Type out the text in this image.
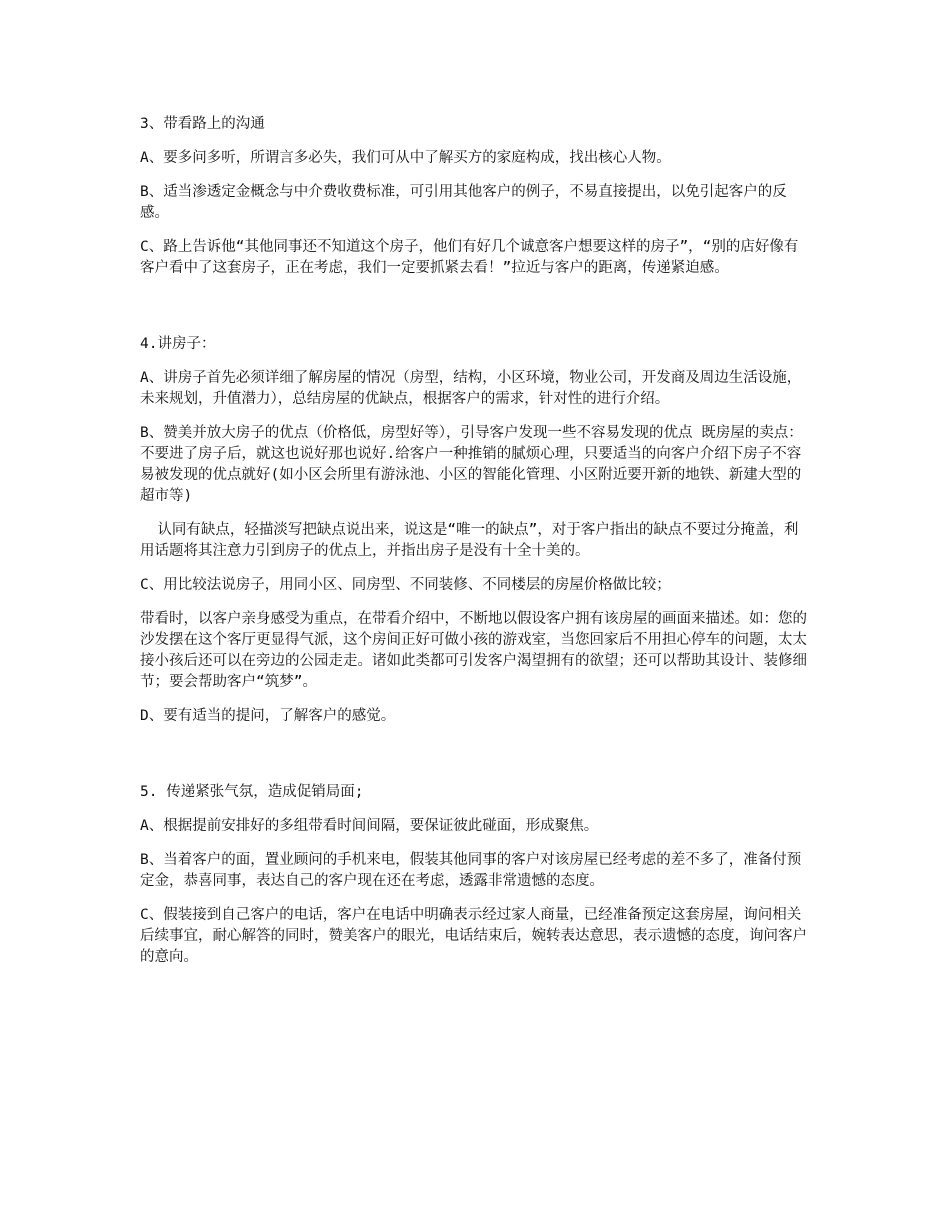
3、带看路上的沟通

A、要多问多听，所谓言多必失，我们可从中了解买方的家庭构成，找出核心人物。

B、适当渗透定金概念与中介费收费标准，可引用其他客户的例子，不易直接提出，以免引起客户的反感。

C、路上告诉他“其他同事还不知道这个房子，他们有好几个诚意客户想要这样的房子”，“别的店好像有客户看中了这套房子，正在考虑，我们一定要抓紧去看！”拉近与客户的距离，传递紧迫感。

4.讲房子：

A、讲房子首先必须详细了解房屋的情况（房型，结构，小区环境，物业公司，开发商及周边生活设施，未来规划，升值潜力），总结房屋的优缺点，根据客户的需求，针对性的进行介绍。

B、赞美并放大房子的优点（价格低，房型好等），引导客户发现一些不容易发现的优点 既房屋的卖点：不要进了房子后，就这也说好那也说好.给客户一种推销的腻烦心理，只要适当的向客户介绍下房子不容易被发现的优点就好(如小区会所里有游泳池、小区的智能化管理、小区附近要开新的地铁、新建大型的超市等)

认同有缺点，轻描淡写把缺点说出来，说这是“唯一的缺点”，对于客户指出的缺点不要过分掩盖，利用话题将其注意力引到房子的优点上，并指出房子是没有十全十美的。

C、用比较法说房子，用同小区、同房型、不同装修、不同楼层的房屋价格做比较；

带看时，以客户亲身感受为重点，在带看介绍中，不断地以假设客户拥有该房屋的画面来描述。如：您的沙发摆在这个客厅更显得气派，这个房间正好可做小孩的游戏室，当您回家后不用担心停车的问题，太太接小孩后还可以在旁边的公园走走。诸如此类都可引发客户渴望拥有的欲望；还可以帮助其设计、装修细节；要会帮助客户“筑梦”。

D、要有适当的提问，了解客户的感觉。

5. 传递紧张气氛，造成促销局面;

A、根据提前安排好的多组带看时间间隔，要保证彼此碰面，形成聚焦。

B、当着客户的面，置业顾问的手机来电，假装其他同事的客户对该房屋已经考虑的差不多了，准备付预定金，恭喜同事，表达自己的客户现在还在考虑，透露非常遗憾的态度。

C、假装接到自己客户的电话，客户在电话中明确表示经过家人商量，已经准备预定这套房屋，询问相关后续事宜，耐心解答的同时，赞美客户的眼光，电话结束后，婉转表达意思，表示遗憾的态度，询问客户的意向。
